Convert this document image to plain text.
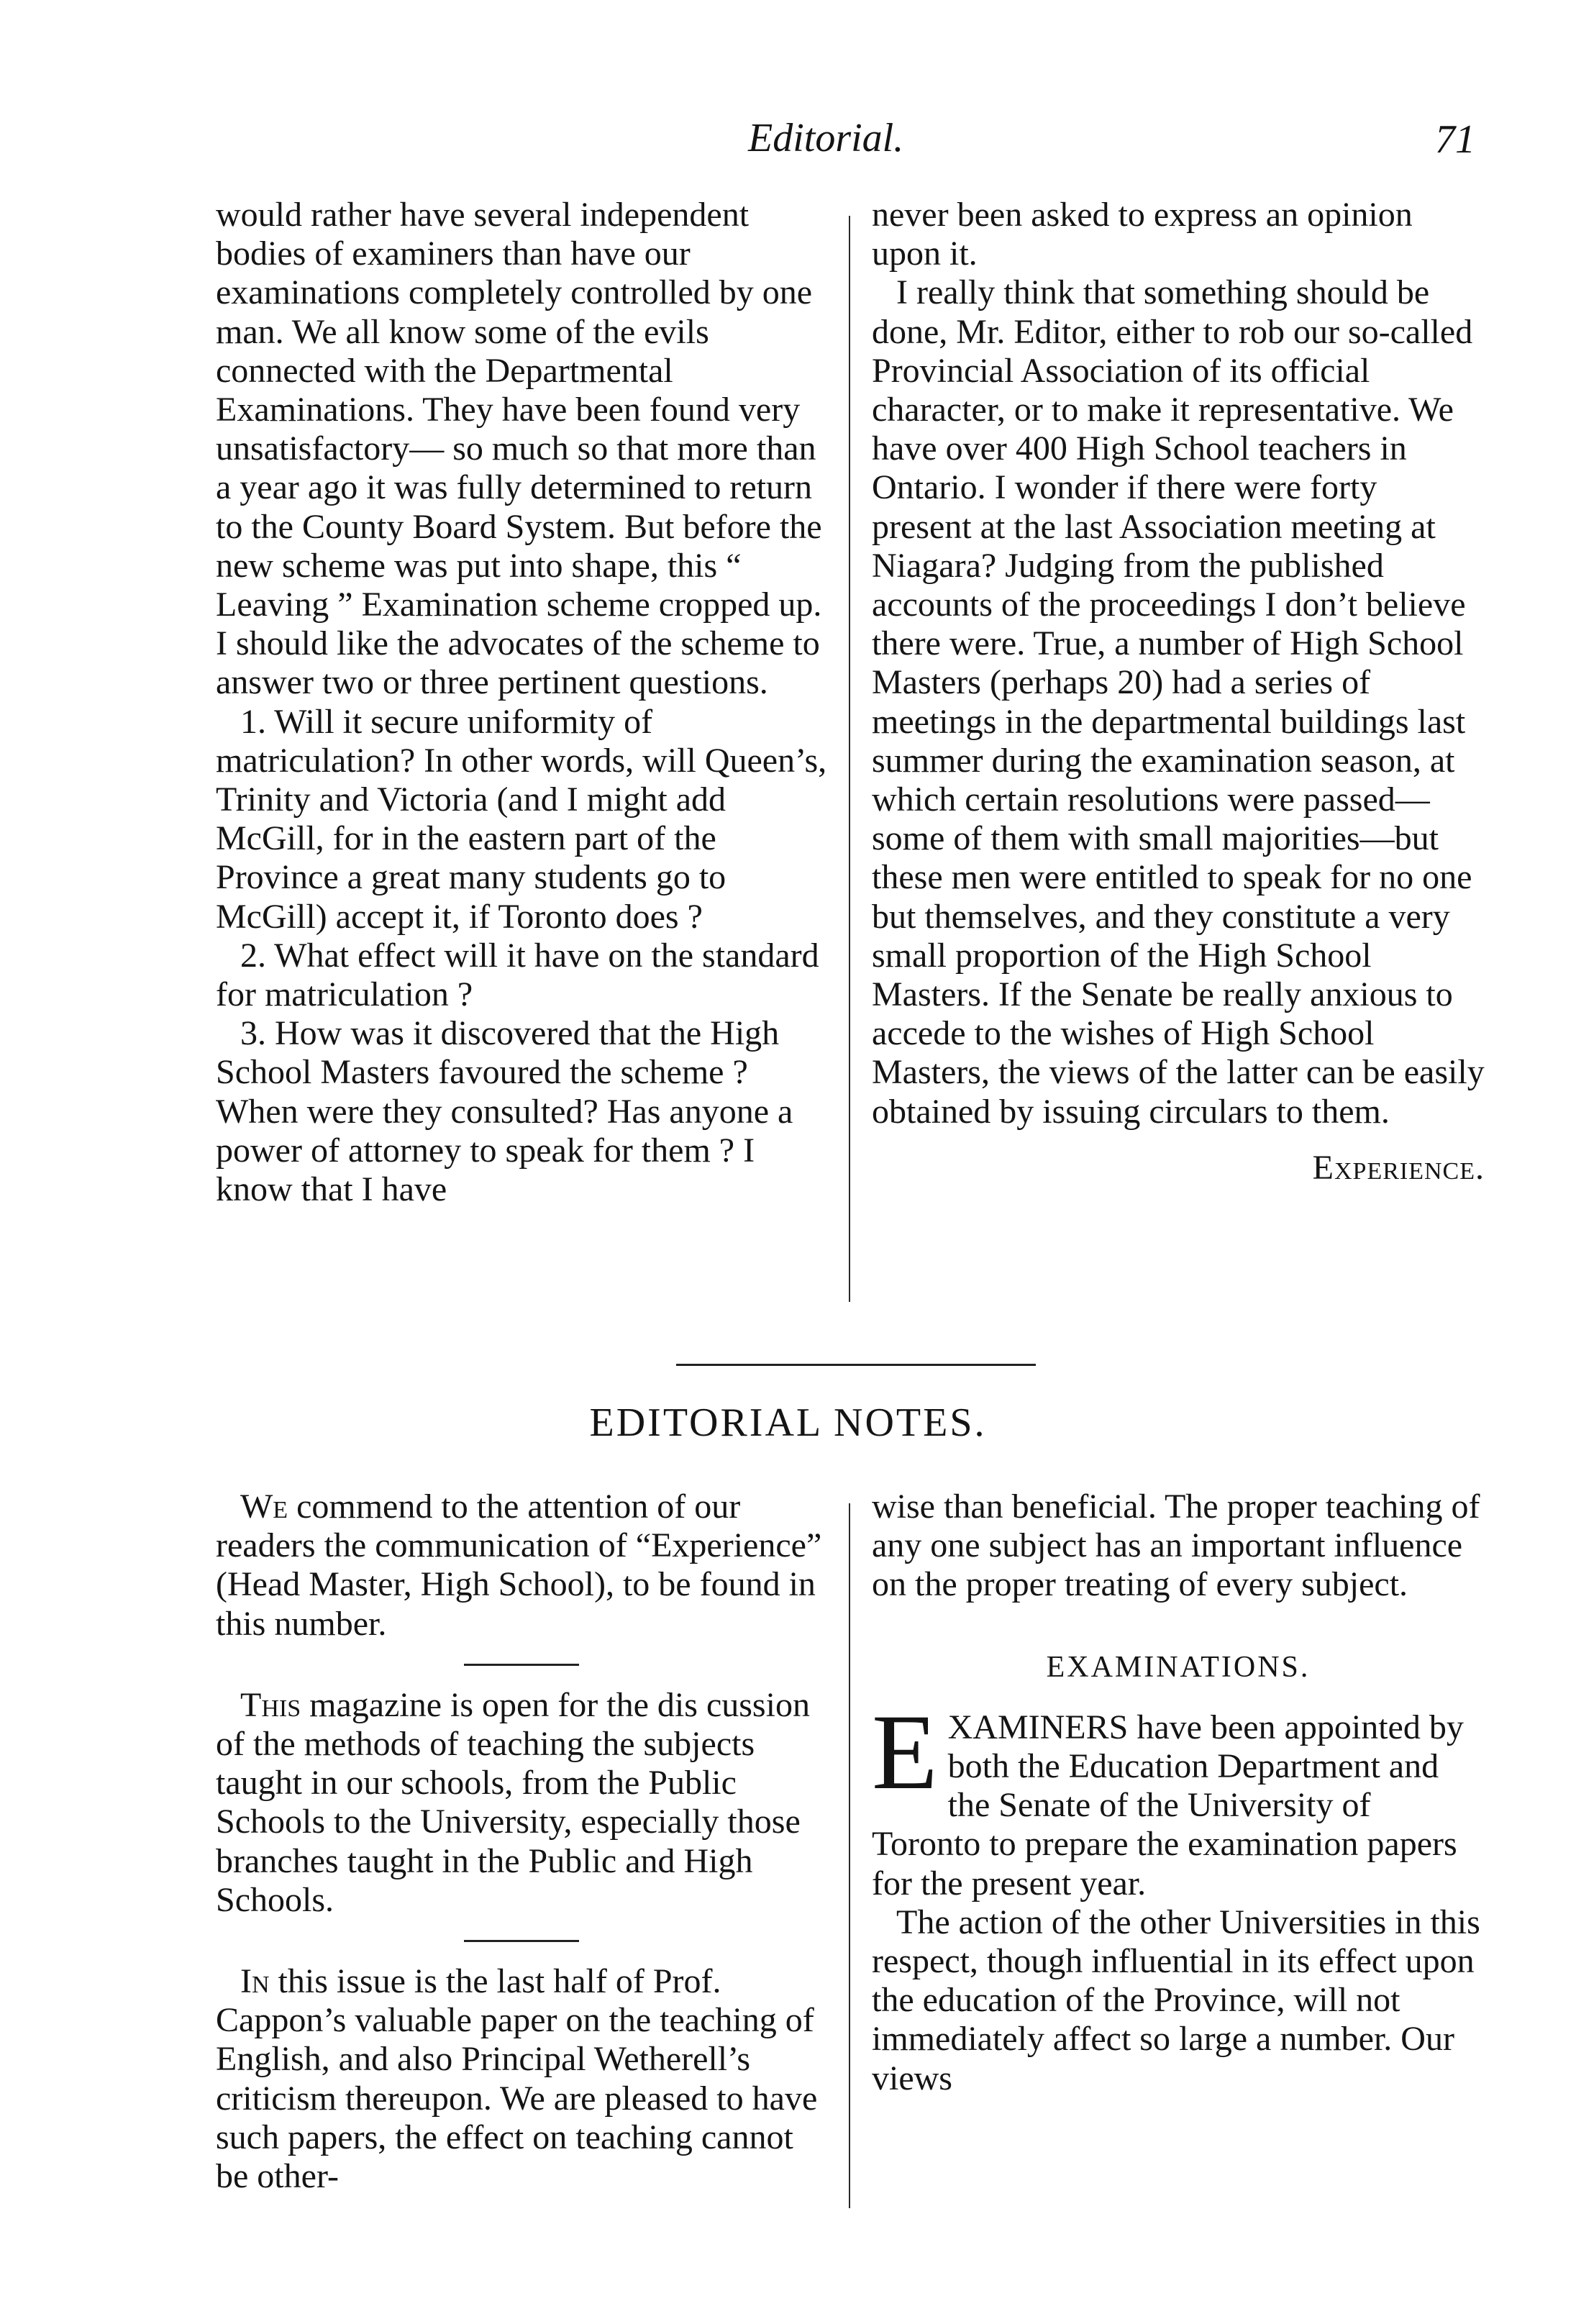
Editorial.	71

would rather have several independent bodies of examiners than have our examinations completely controlled by one man. We all know some of the evils connected with the Departmental Examinations. They have been found very unsatisfactory— so much so that more than a year ago it was fully determined to return to the County Board System. But before the new scheme was put into shape, this “ Leaving ” Examination scheme cropped up. I should like the advocates of the scheme to answer two or three pertinent questions.

1. Will it secure uniformity of matriculation? In other words, will Queen’s, Trinity and Victoria (and I might add McGill, for in the eastern part of the Province a great many students go to McGill) accept it, if Toronto does ?

2. What effect will it have on the standard for matriculation ?

3. How was it discovered that the High School Masters favoured the scheme ? When were they consulted? Has anyone a power of attorney to speak for them ? I know that I have

never been asked to express an opinion upon it.

I really think that something should be done, Mr. Editor, either to rob our so-called Provincial Association of its official character, or to make it representative. We have over 400 High School teachers in Ontario. I wonder if there were forty present at the last Association meeting at Niagara? Judging from the published accounts of the proceedings I don’t believe there were. True, a number of High School Masters (perhaps 20) had a series of meetings in the departmental buildings last summer during the examination season, at which certain resolutions were passed—some of them with small majorities—but these men were entitled to speak for no one but themselves, and they constitute a very small proportion of the High School Masters. If the Senate be really anxious to accede to the wishes of High School Masters, the views of the latter can be easily obtained by issuing circulars to them.

Experience.

EDITORIAL NOTES.

We commend to the attention of our readers the communication of “Experience” (Head Master, High School), to be found in this number.

This magazine is open for the dis cussion of the methods of teaching the subjects taught in our schools, from the Public Schools to the University, especially those branches taught in the Public and High Schools.

In this issue is the last half of Prof. Cappon’s valuable paper on the teaching of English, and also Principal Wetherell’s criticism thereupon. We are pleased to have such papers, the effect on teaching cannot be other-

wise than beneficial. The proper teaching of any one subject has an important influence on the proper treating of every subject.

EXAMINATIONS.

EXAMINERS have been appointed by both the Education Department and the Senate of the University of Toronto to prepare the examination papers for the present year.

The action of the other Universities in this respect, though influential in its effect upon the education of the Province, will not immediately affect so large a number. Our views
